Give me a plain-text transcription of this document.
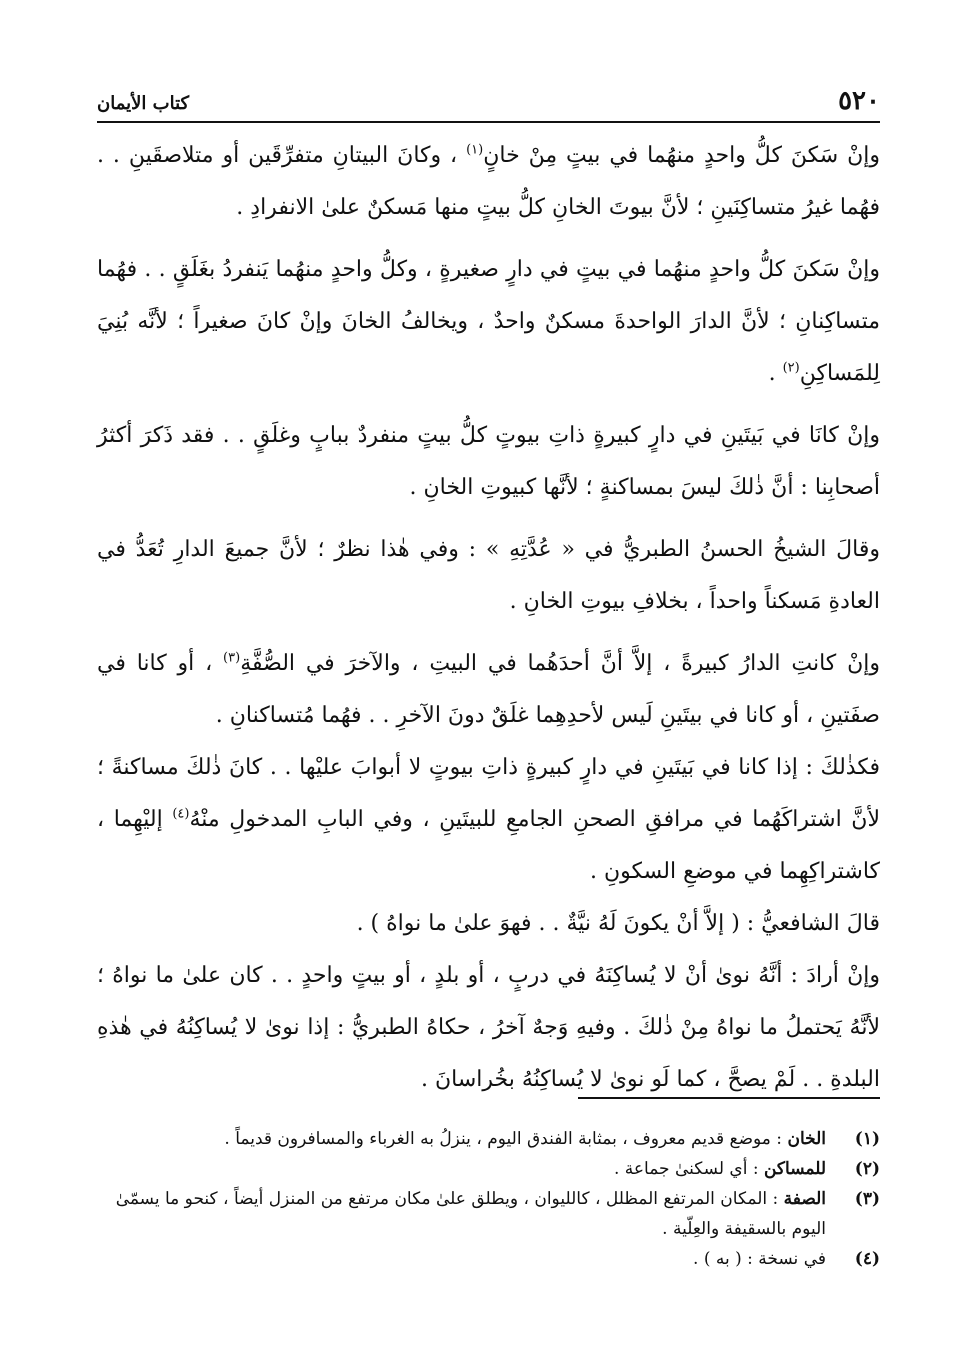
٥٢٠
كتاب الأيمان

وإنْ سَكنَ كلُّ واحدٍ منهُما في بيتٍ مِنْ خانٍ$^{(١)}$ ، وكانَ البيتانِ متفرِّقَين أو متلاصقَينِ . . فهُما غيرُ متساكِنَينِ ؛ لأنَّ بيوتَ الخانِ كلُّ بيتٍ منها مَسكنٌ علىٰ الانفرادِ .

وإنْ سَكنَ كلُّ واحدٍ منهُما في بيتٍ في دارٍ صغيرةٍ ، وكلُّ واحدٍ منهُما يَنفردُ بغَلَقٍ . . فهُما متساكِنانِ ؛ لأنَّ الدارَ الواحدةَ مسكنٌ واحدٌ ، ويخالفُ الخانَ وإنْ كانَ صغيراً ؛ لأنَّه بُنِيَ لِلمَساكِنِ$^{(٢)}$ .

وإنْ كانَا في بَيتَينِ في دارٍ كبيرةٍ ذاتِ بيوتٍ كلُّ بيتٍ منفردٌ ببابٍ وغلَقٍ . . فقد ذَكرَ أكثرُ أصحابِنا : أنَّ ذٰلكَ ليسَ بمساكنةٍ ؛ لأنَّها كبيوتِ الخانِ .

وقالَ الشيخُ الحسنُ الطبريُّ في « عُدَّتِهِ » : وفي هٰذا نظرٌ ؛ لأنَّ جميعَ الدارِ تُعَدُّ في العادةِ مَسكناً واحداً ، بخلافِ بيوتِ الخانِ .

وإنْ كانتِ الدارُ كبيرةً ، إلاَّ أنَّ أحدَهُما في البيتِ ، والآخرَ في الصُّفَّةِ$^{(٣)}$ ، أو كانا في صفَتينِ ، أو كانا في بيتَينِ لَيس لأحدِهِما غلَقٌ دونَ الآخرِ . . فهُما مُتساكنانِ .

فكذٰلكَ : إذا كانا في بَيتَينِ في دارٍ كبيرةٍ ذاتِ بيوتٍ لا أبوابَ عليْها . . كانَ ذٰلكَ مساكنةً ؛ لأنَّ اشتراكَهُما في مرافقِ الصحنِ الجامعِ للبيتَينِ ، وفي البابِ المدخولِ منْهُ$^{(٤)}$ إليْهِما ، كاشتراكِهِما في موضعِ السكونِ .

قالَ الشافعيُّ : ( إلاَّ أنْ يكونَ لَهُ نيَّةٌ . . فهوَ علىٰ ما نواهُ ) .

وإنْ أرادَ : أنَّهُ نوىٰ أنْ لا يُساكِنَهُ في دربٍ ، أو بلدٍ ، أو بيتٍ واحدٍ . . كان علىٰ ما نواهُ ؛ لأنَّهُ يَحتملُ ما نواهُ مِنْ ذٰلكَ . وفيهِ وَجهٌ آخرُ ، حكاهُ الطبريُّ : إذا نوىٰ لا يُساكِنُهُ في هٰذهِ البلدةِ . . لَمْ يصحَّ ، كما لَو نوىٰ لا يُساكِنُهُ بخُراسانَ .

(١)
الخان : موضع قديم معروف ، بمثابة الفندق اليوم ، ينزلُ به الغرباء والمسافرون قديماً .
(٢)
للمساكن : أي لسكنىٰ جماعة .
(٣)
الصفة : المكان المرتفع المظلل ، كالليوان ، ويطلق علىٰ مكان مرتفع من المنزل أيضاً ، كنحو ما يسمّىٰ اليوم بالسقيفة والعِلّية .
(٤)
في نسخة : ( به ) .
